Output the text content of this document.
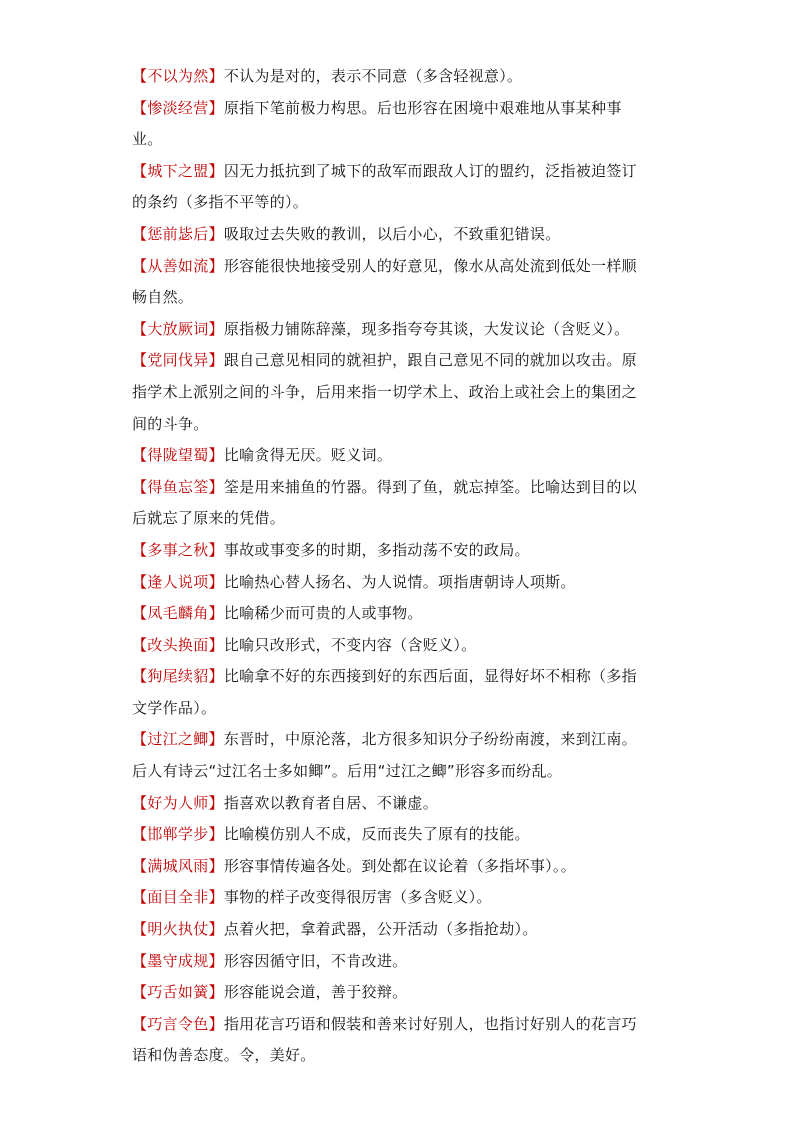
【不以为然】不认为是对的，表示不同意（多含轻视意）。

【惨淡经营】原指下笔前极力构思。后也形容在困境中艰难地从事某种事业。

【城下之盟】囚无力抵抗到了城下的敌军而跟敌人订的盟约，泛指被迫签订的条约（多指不平等的）。

【惩前毖后】吸取过去失败的教训，以后小心，不致重犯错误。

【从善如流】形容能很快地接受别人的好意见，像水从高处流到低处一样顺畅自然。

【大放厥词】原指极力铺陈辞藻，现多指夸夸其谈，大发议论（含贬义）。

【党同伐异】跟自己意见相同的就袒护，跟自己意见不同的就加以攻击。原指学术上派别之间的斗争，后用来指一切学术上、政治上或社会上的集团之间的斗争。

【得陇望蜀】比喻贪得无厌。贬义词。

【得鱼忘筌】筌是用来捕鱼的竹器。得到了鱼，就忘掉筌。比喻达到目的以后就忘了原来的凭借。

【多事之秋】事故或事变多的时期，多指动荡不安的政局。

【逢人说项】比喻热心替人扬名、为人说情。项指唐朝诗人项斯。

【凤毛麟角】比喻稀少而可贵的人或事物。

【改头换面】比喻只改形式，不变内容（含贬义）。

【狗尾续貂】比喻拿不好的东西接到好的东西后面，显得好坏不相称（多指文学作品）。

【过江之鲫】东晋时，中原沦落，北方很多知识分子纷纷南渡，来到江南。后人有诗云“过江名士多如鲫”。后用“过江之鲫”形容多而纷乱。

【好为人师】指喜欢以教育者自居、不谦虚。

【邯郸学步】比喻模仿别人不成，反而丧失了原有的技能。

【满城风雨】形容事情传遍各处。到处都在议论着（多指坏事）。。

【面目全非】事物的样子改变得很厉害（多含贬义）。

【明火执仗】点着火把，拿着武器，公开活动（多指抢劫）。

【墨守成规】形容因循守旧，不肯改进。

【巧舌如簧】形容能说会道，善于狡辩。

【巧言令色】指用花言巧语和假装和善来讨好别人，也指讨好别人的花言巧语和伪善态度。令，美好。
